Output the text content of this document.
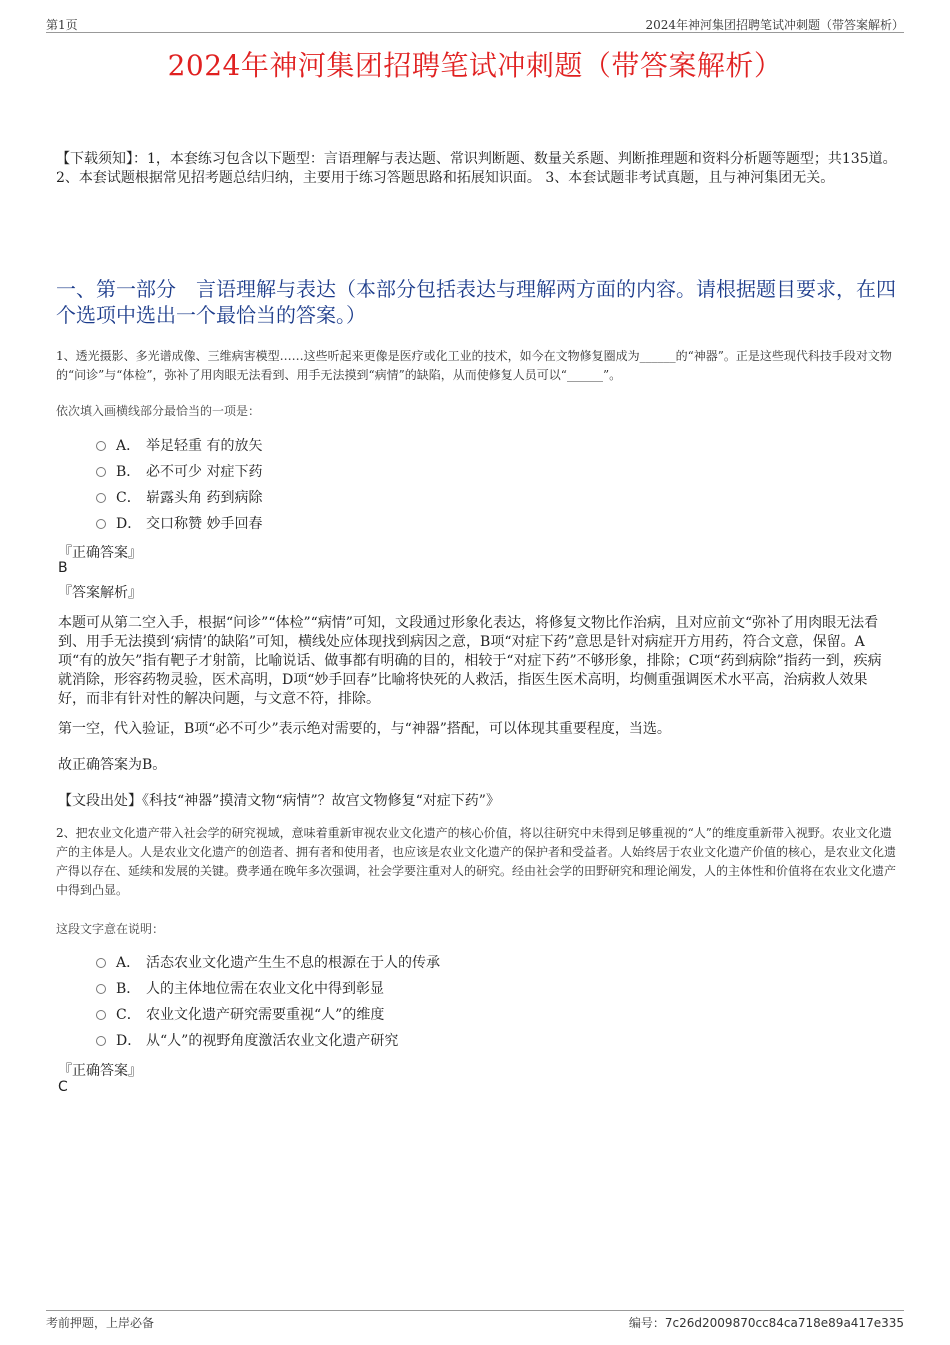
第1页	2024年神河集团招聘笔试冲刺题（带答案解析）
2024年神河集团招聘笔试冲刺题（带答案解析）
【下载须知】：1，本套练习包含以下题型：言语理解与表达题、常识判断题、数量关系题、判断推理题和资料分析题等题型；共135道。 2、本套试题根据常见招考题总结归纳，主要用于练习答题思路和拓展知识面。 3、本套试题非考试真题，且与神河集团无关。
一、第一部分　言语理解与表达（本部分包括表达与理解两方面的内容。请根据题目要求，在四个选项中选出一个最恰当的答案。）
1、透光摄影、多光谱成像、三维病害模型……这些听起来更像是医疗或化工业的技术，如今在文物修复圈成为______的“神器”。正是这些现代科技手段对文物的“问诊”与“体检”，弥补了用肉眼无法看到、用手无法摸到“病情”的缺陷，从而使修复人员可以“______”。
依次填入画横线部分最恰当的一项是：
A． 举足轻重 有的放矢
B． 必不可少 对症下药
C． 崭露头角 药到病除
D． 交口称赞 妙手回春
『正确答案』
B
『答案解析』
本题可从第二空入手，根据“问诊”“体检”“病情”可知，文段通过形象化表达，将修复文物比作治病，且对应前文“弥补了用肉眼无法看到、用手无法摸到‘病情’的缺陷”可知，横线处应体现找到病因之意，B项“对症下药”意思是针对病症开方用药，符合文意，保留。A项“有的放矢”指有靶子才射箭，比喻说话、做事都有明确的目的，相较于“对症下药”不够形象，排除；C项“药到病除”指药一到，疾病就消除，形容药物灵验，医术高明，D项“妙手回春”比喻将快死的人救活，指医生医术高明，均侧重强调医术水平高，治病救人效果好，而非有针对性的解决问题，与文意不符，排除。
第一空，代入验证，B项“必不可少”表示绝对需要的，与“神器”搭配，可以体现其重要程度，当选。
故正确答案为B。
【文段出处】《科技“神器”摸清文物“病情”？故宫文物修复“对症下药”》
2、把农业文化遗产带入社会学的研究视域，意味着重新审视农业文化遗产的核心价值，将以往研究中未得到足够重视的“人”的维度重新带入视野。农业文化遗产的主体是人。人是农业文化遗产的创造者、拥有者和使用者，也应该是农业文化遗产的保护者和受益者。人始终居于农业文化遗产价值的核心，是农业文化遗产得以存在、延续和发展的关键。费孝通在晚年多次强调，社会学要注重对人的研究。经由社会学的田野研究和理论阐发，人的主体性和价值将在农业文化遗产中得到凸显。
这段文字意在说明：
A． 活态农业文化遗产生生不息的根源在于人的传承
B． 人的主体地位需在农业文化中得到彰显
C． 农业文化遗产研究需要重视“人”的维度
D． 从“人”的视野角度激活农业文化遗产研究
『正确答案』
C
考前押题，上岸必备	编号：7c26d2009870cc84ca718e89a417e335
